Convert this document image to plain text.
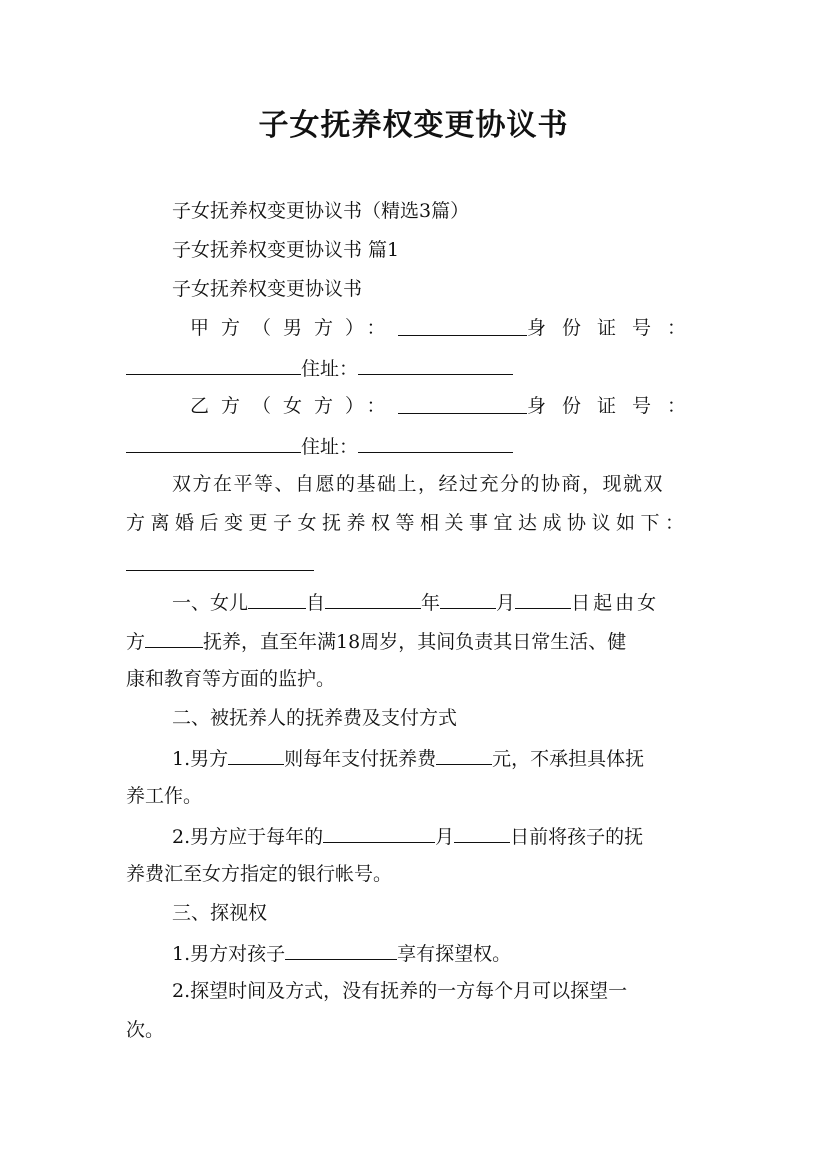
子女抚养权变更协议书
子女抚养权变更协议书（精选3篇）
子女抚养权变更协议书 篇1
子女抚养权变更协议书
甲方（男方）：	身份证号：
住址：
乙方（女方）：	身份证号：
住址：
双方在平等、自愿的基础上，经过充分的协商，现就双
方离婚后变更子女抚养权等相关事宜达成协议如下：
一、女儿	自	年	月	日起由女
方	抚养，直至年满18周岁，其间负责其日常生活、健
康和教育等方面的监护。
二、被抚养人的抚养费及支付方式
1.男方	则每年支付抚养费	元，不承担具体抚
养工作。
2.男方应于每年的	月	日前将孩子的抚
养费汇至女方指定的银行帐号。
三、探视权
1.男方对孩子	享有探望权。
2.探望时间及方式，没有抚养的一方每个月可以探望一
次。
